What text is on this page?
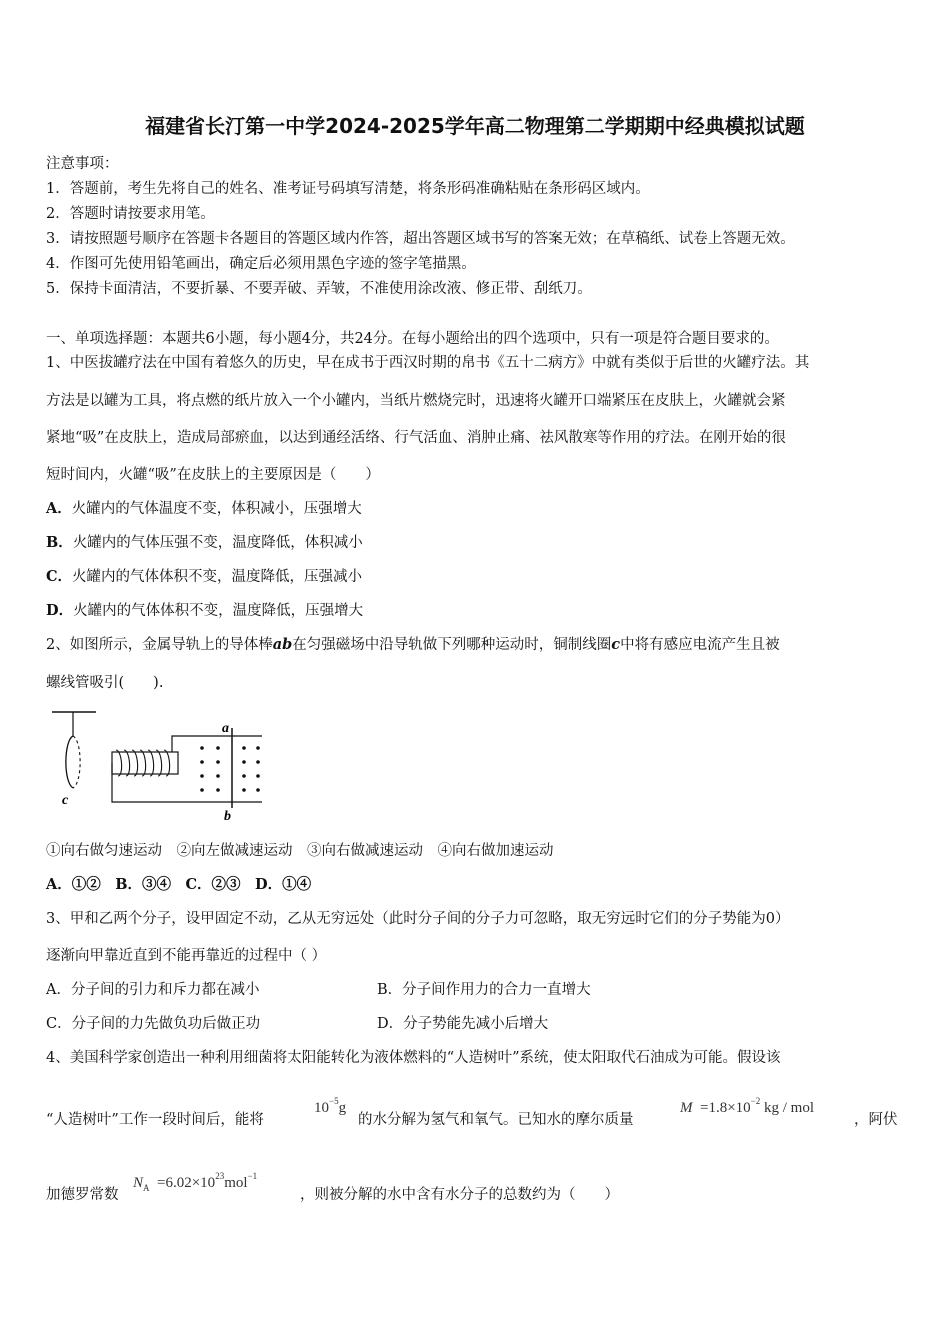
福建省长汀第一中学2024-2025学年高二物理第二学期期中经典模拟试题
注意事项：
1．答题前，考生先将自己的姓名、准考证号码填写清楚，将条形码准确粘贴在条形码区域内。
2．答题时请按要求用笔。
3．请按照题号顺序在答题卡各题目的答题区域内作答，超出答题区域书写的答案无效；在草稿纸、试卷上答题无效。
4．作图可先使用铅笔画出，确定后必须用黑色字迹的签字笔描黑。
5．保持卡面清洁，不要折暴、不要弄破、弄皱，不准使用涂改液、修正带、刮纸刀。
一、单项选择题：本题共6小题，每小题4分，共24分。在每小题给出的四个选项中，只有一项是符合题目要求的。
1、中医拔罐疗法在中国有着悠久的历史，早在成书于西汉时期的帛书《五十二病方》中就有类似于后世的火罐疗法。其
方法是以罐为工具，将点燃的纸片放入一个小罐内，当纸片燃烧完时，迅速将火罐开口端紧压在皮肤上，火罐就会紧
紧地“吸”在皮肤上，造成局部瘀血，以达到通经活络、行气活血、消肿止痛、祛风散寒等作用的疗法。在刚开始的很
短时间内，火罐“吸”在皮肤上的主要原因是（　　）
A．火罐内的气体温度不变，体积减小，压强增大
B．火罐内的气体压强不变，温度降低，体积减小
C．火罐内的气体体积不变，温度降低，压强减小
D．火罐内的气体体积不变，温度降低，压强增大
2、如图所示，金属导轨上的导体棒ab在匀强磁场中沿导轨做下列哪种运动时，铜制线圈c中将有感应电流产生且被
螺线管吸引(　　).
c
a
b
①向右做匀速运动　②向左做减速运动　③向右做减速运动　④向右做加速运动
A．①②　B．③④　C．②③　D．①④
3、甲和乙两个分子，设甲固定不动，乙从无穷远处（此时分子间的分子力可忽略，取无穷远时它们的分子势能为0）
逐渐向甲靠近直到不能再靠近的过程中（ ）
A．分子间的引力和斥力都在减小	B．分子间作用力的合力一直增大
C．分子间的力先做负功后做正功	D．分子势能先减小后增大
4、美国科学家创造出一种利用细菌将太阳能转化为液体燃料的“人造树叶”系统，使太阳取代石油成为可能。假设该
“人造树叶”工作一段时间后，能将
$10^{-5}g$
的水分解为氢气和氧气。已知水的摩尔质量
$M =1.8\times 10^{-2}$ kg / mol
，阿伏
加德罗常数
$N_A =6.02\times 10^{23}mol^{-1}$
，则被分解的水中含有水分子的总数约为（　　）
